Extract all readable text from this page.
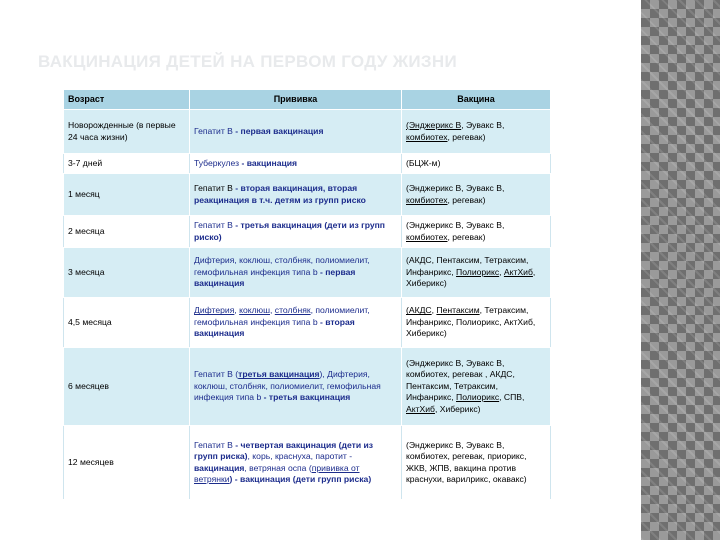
ВАКЦИНАЦИЯ ДЕТЕЙ НА ПЕРВОМ ГОДУ ЖИЗНИ
Возраст	Прививка	Вакцина
Новорожденные (в первые 24 часа жизни)	Гепатит В - первая вакцинация	(Энджерикс В, Эувакс В, комбиотех, регевак)
3-7 дней	Туберкулез - вакцинация	(БЦЖ-м)
1 месяц	Гепатит В - вторая вакцинация, вторая реакцинация в т.ч. детям из групп риско	(Энджерикс В, Эувакс В, комбиотех, регевак)
2 месяца	Гепатит В - третья вакцинация (дети из групп риско)	(Энджерикс В, Эувакс В, комбиотех, регевак)
3 месяца	Дифтерия, коклюш, столбняк, полиомиелит, гемофильная инфекция типа b - первая вакцинация	(АКДС, Пентаксим, Тетраксим, Инфанрикс, Полиорикс, АктХиб, Хиберикс)
4,5 месяца	Дифтерия, коклюш, столбняк, полиомиелит, гемофильная инфекция типа b - вторая вакцинация	(АКДС, Пентаксим, Тетраксим, Инфанрикс, Полиорикс, АктХиб, Хиберикс)
6 месяцев	Гепатит В (третья вакцинация), Дифтерия, коклюш, столбняк, полиомиелит, гемофильная инфекция типа b - третья вакцинация	(Энджерикс В, Эувакс В, комбиотех, регевак , АКДС, Пентаксим, Тетраксим, Инфанрикс, Полиорикс, СПВ, АктХиб, Хиберикс)
12 месяцев	Гепатит В - четвертая вакцинация (дети из групп риска), корь, краснуха, паротит - вакцинация, ветряная оспа (прививка от ветрянки) - вакцинация (дети групп риска)	(Энджерикс В, Эувакс В, комбиотех, регевак, приорикс, ЖКВ, ЖПВ, вакцина против краснухи, варилрикс, окавакс)
